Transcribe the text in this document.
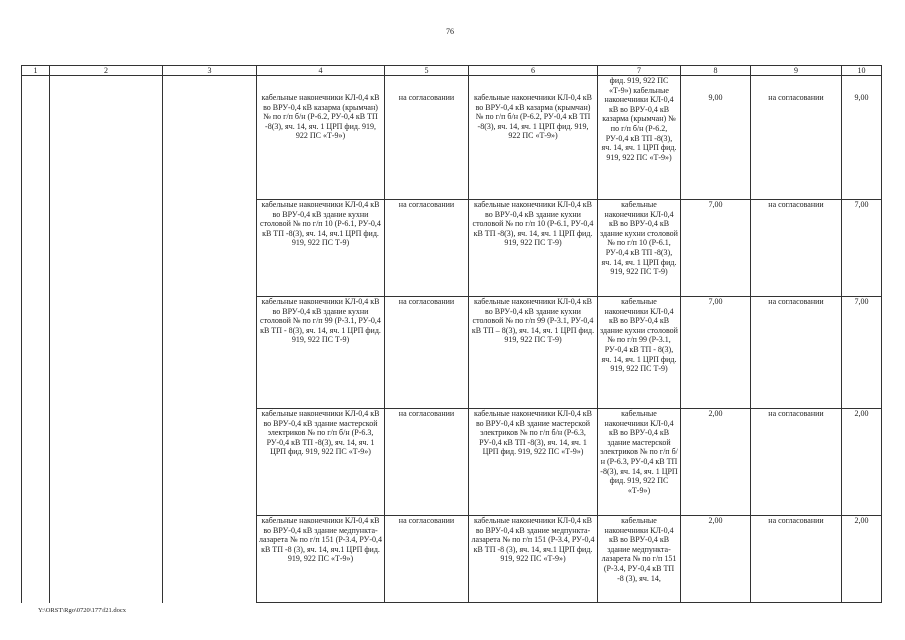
76
1	2	3	4	5	6	7	8	9	10

			кабельные наконечники КЛ-0,4 кВ во ВРУ-0,4 кВ казарма (крымчан) № по г/п б/н (Р-6.2, РУ-0,4 кВ ТП -8(3), яч. 14, яч. 1 ЦРП фид. 919, 922 ПС «Т-9»)	на согласовании	кабельные наконечники КЛ-0,4 кВ во ВРУ-0,4 кВ казарма (крымчан) № по г/п б/н (Р-6.2, РУ-0,4 кВ ТП -8(3), яч. 14, яч. 1 ЦРП фид. 919, 922 ПС «Т-9»)	фид. 919, 922 ПС «Т-9») кабельные наконечники КЛ-0,4 кВ во ВРУ-0,4 кВ казарма (крымчан) № по г/п б/н (Р-6.2, РУ-0,4 кВ ТП -8(3), яч. 14, яч. 1 ЦРП фид. 919, 922 ПС «Т-9»)	9,00	на согласовании	9,00

			кабельные наконечники КЛ-0,4 кВ во ВРУ-0,4 кВ здание кухни столовой № по г/п 10 (Р-6.1, РУ-0,4 кВ ТП -8(3), яч. 14, яч.1 ЦРП фид. 919, 922 ПС Т-9)	на согласовании	кабельные наконечники КЛ-0,4 кВ во ВРУ-0,4 кВ здание кухни столовой № по г/п 10 (Р-6.1, РУ-0,4 кВ ТП -8(3), яч. 14, яч. 1 ЦРП фид. 919, 922 ПС Т-9)	кабельные наконечники КЛ-0,4 кВ во ВРУ-0,4 кВ здание кухни столовой № по г/п 10 (Р-6.1, РУ-0,4 кВ ТП -8(3), яч. 14, яч. 1 ЦРП фид. 919, 922 ПС Т-9)	7,00	на согласовании	7,00
			кабельные наконечники КЛ-0,4 кВ во ВРУ-0,4 кВ здание кухни столовой № по г/п 99 (Р-3.1, РУ-0,4 кВ ТП - 8(3), яч. 14, яч. 1 ЦРП фид. 919, 922 ПС Т-9)	на согласовании	кабельные наконечники КЛ-0,4 кВ во ВРУ-0,4 кВ здание кухни столовой № по г/п 99 (Р-3.1, РУ-0,4 кВ ТП – 8(3), яч. 14, яч. 1 ЦРП фид. 919, 922 ПС Т-9)	кабельные наконечники КЛ-0,4 кВ во ВРУ-0,4 кВ здание кухни столовой № по г/п 99 (Р-3.1, РУ-0,4 кВ ТП - 8(3), яч. 14, яч. 1 ЦРП фид. 919, 922 ПС Т-9)	7,00	на согласовании	7,00
			кабельные наконечники КЛ-0,4 кВ во ВРУ-0,4 кВ здание мастерской электриков № по г/п б/н (Р-6.3, РУ-0,4 кВ ТП -8(3), яч. 14, яч. 1 ЦРП фид. 919, 922 ПС «Т-9»)	на согласовании	кабельные наконечники КЛ-0,4 кВ во ВРУ-0,4 кВ здание мастерской электриков № по г/п б/н (Р-6.3, РУ-0,4 кВ ТП -8(3), яч. 14, яч. 1 ЦРП фид. 919, 922 ПС «Т-9»)	кабельные наконечники КЛ-0,4 кВ во ВРУ-0,4 кВ здание мастерской электриков № по г/п б/н (Р-6.3, РУ-0,4 кВ ТП -8(3), яч. 14, яч. 1 ЦРП фид. 919, 922 ПС «Т-9»)	2,00	на согласовании	2,00
			кабельные наконечники КЛ-0,4 кВ во ВРУ-0,4 кВ здание медпункта-лазарета № по г/п 151 (Р-3.4, РУ-0,4 кВ ТП -8 (3), яч. 14, яч.1 ЦРП фид. 919, 922 ПС «Т-9»)	на согласовании	кабельные наконечники КЛ-0,4 кВ во ВРУ-0,4 кВ здание медпункта-лазарета № по г/п 151 (Р-3.4, РУ-0,4 кВ ТП -8 (3), яч. 14, яч.1 ЦРП фид. 919, 922 ПС «Т-9»)	кабельные наконечники КЛ-0,4 кВ во ВРУ-0,4 кВ здание медпункта-лазарета № по г/п 151 (Р-3.4, РУ-0,4 кВ ТП -8 (3), яч. 14,	2,00	на согласовании	2,00
Y:\ORST\Rgo\0720\177\f21.docx
